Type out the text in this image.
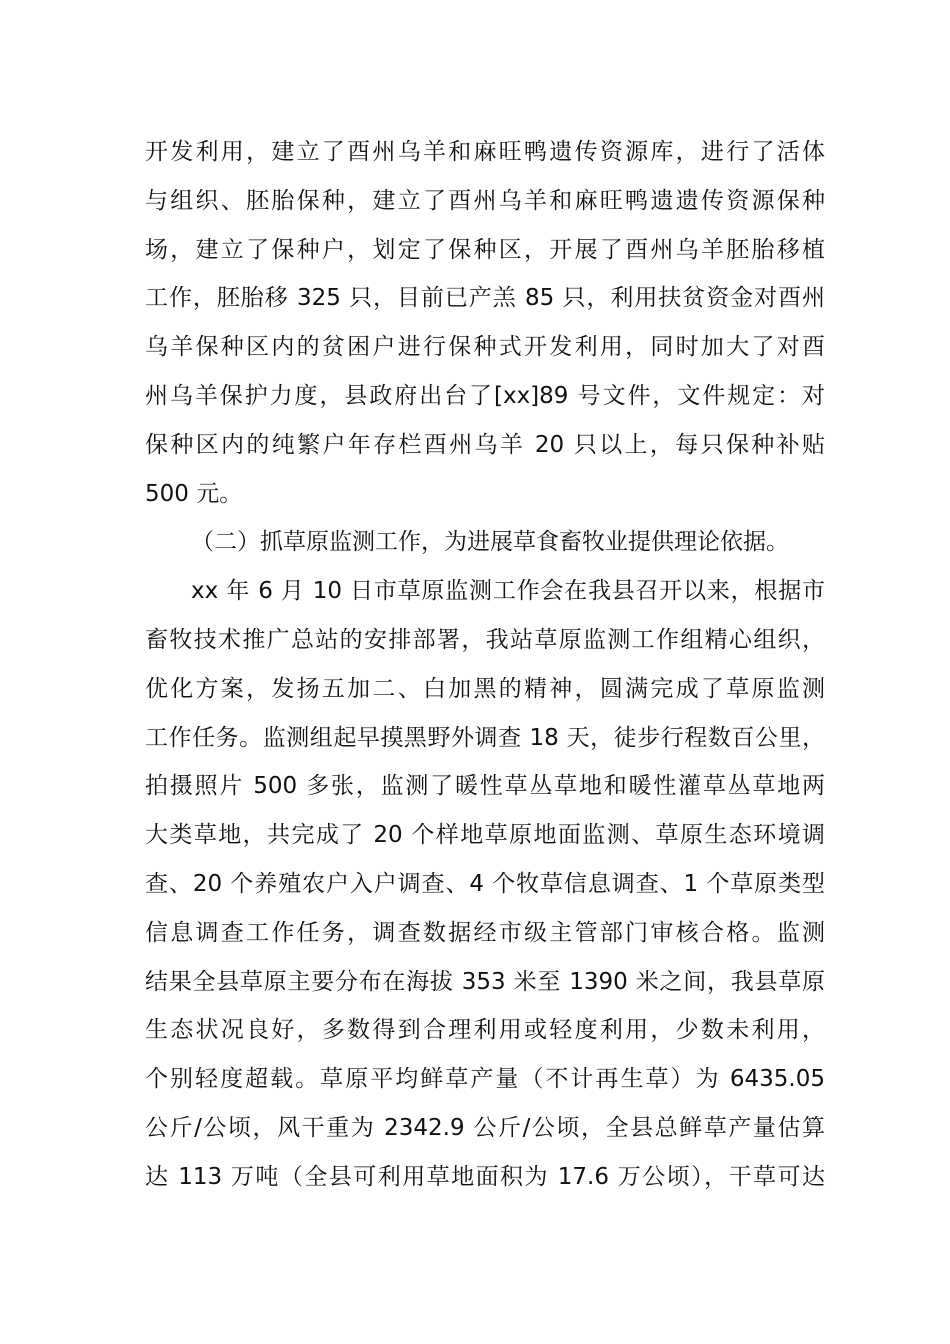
开发利用，建立了酉州乌羊和麻旺鸭遗传资源库，进行了活体
与组织、胚胎保种，建立了酉州乌羊和麻旺鸭遗遗传资源保种
场，建立了保种户，划定了保种区，开展了酉州乌羊胚胎移植
工作，胚胎移 325 只，目前已产羔 85 只，利用扶贫资金对酉州
乌羊保种区内的贫困户进行保种式开发利用，同时加大了对酉
州乌羊保护力度，县政府出台了[xx]89 号文件，文件规定：对
保种区内的纯繁户年存栏酉州乌羊 20 只以上，每只保种补贴
500 元。
（二）抓草原监测工作，为进展草食畜牧业提供理论依据。
xx 年 6 月 10 日市草原监测工作会在我县召开以来，根据市
畜牧技术推广总站的安排部署，我站草原监测工作组精心组织，
优化方案，发扬五加二、白加黑的精神，圆满完成了草原监测
工作任务。监测组起早摸黑野外调查 18 天，徒步行程数百公里，
拍摄照片 500 多张，监测了暖性草丛草地和暖性灌草丛草地两
大类草地，共完成了 20 个样地草原地面监测、草原生态环境调
查、20 个养殖农户入户调查、4 个牧草信息调查、1 个草原类型
信息调查工作任务，调查数据经市级主管部门审核合格。监测
结果全县草原主要分布在海拔 353 米至 1390 米之间，我县草原
生态状况良好，多数得到合理利用或轻度利用，少数未利用，
个别轻度超载。草原平均鲜草产量（不计再生草）为 6435.05
公斤/公顷，风干重为 2342.9 公斤/公顷，全县总鲜草产量估算
达 113 万吨（全县可利用草地面积为 17.6 万公顷），干草可达
